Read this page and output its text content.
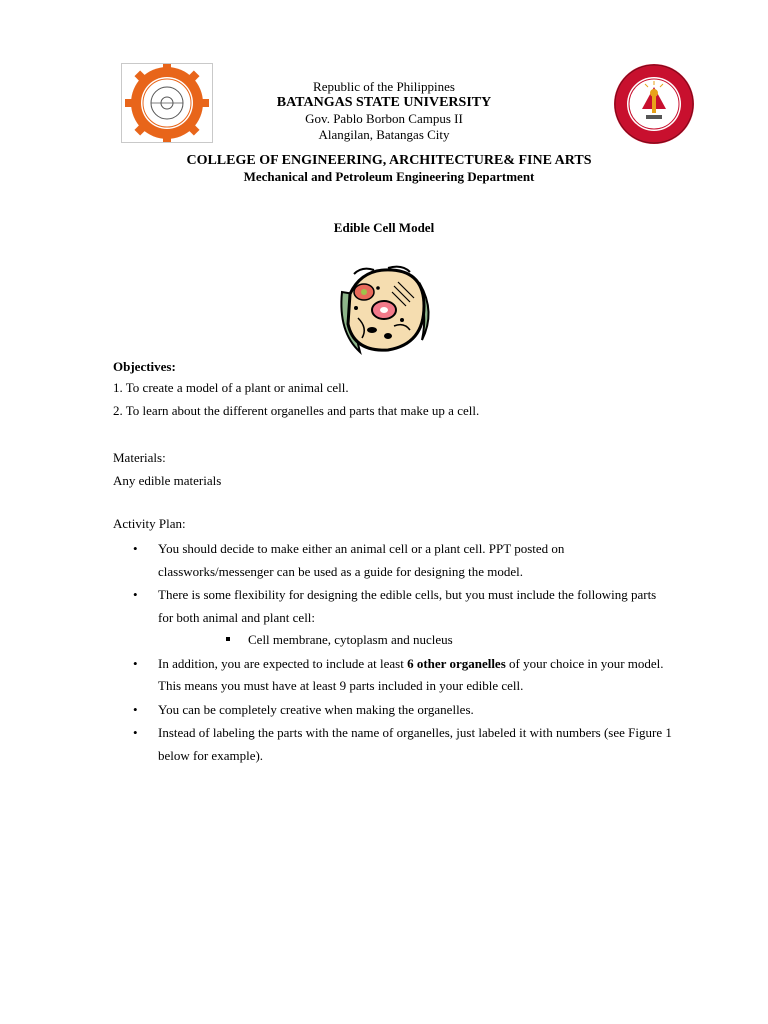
Republic of the Philippines
BATANGAS STATE UNIVERSITY
Gov. Pablo Borbon Campus II
Alangilan, Batangas City
COLLEGE OF ENGINEERING, ARCHITECTURE& FINE ARTS
Mechanical and Petroleum Engineering Department
Edible Cell Model
Objectives:
1. To create a model of a plant or animal cell.
2. To learn about the different organelles and parts that make up a cell.
Materials:
Any edible materials
Activity Plan:
• You should decide to make either an animal cell or a plant cell. PPT posted on classworks/messenger can be used as a guide for designing the model.
• There is some flexibility for designing the edible cells, but you must include the following parts for both animal and plant cell:
Cell membrane, cytoplasm and nucleus
• In addition, you are expected to include at least 6 other organelles of your choice in your model. This means you must have at least 9 parts included in your edible cell.
• You can be completely creative when making the organelles.
• Instead of labeling the parts with the name of organelles, just labeled it with numbers (see Figure 1 below for example).
